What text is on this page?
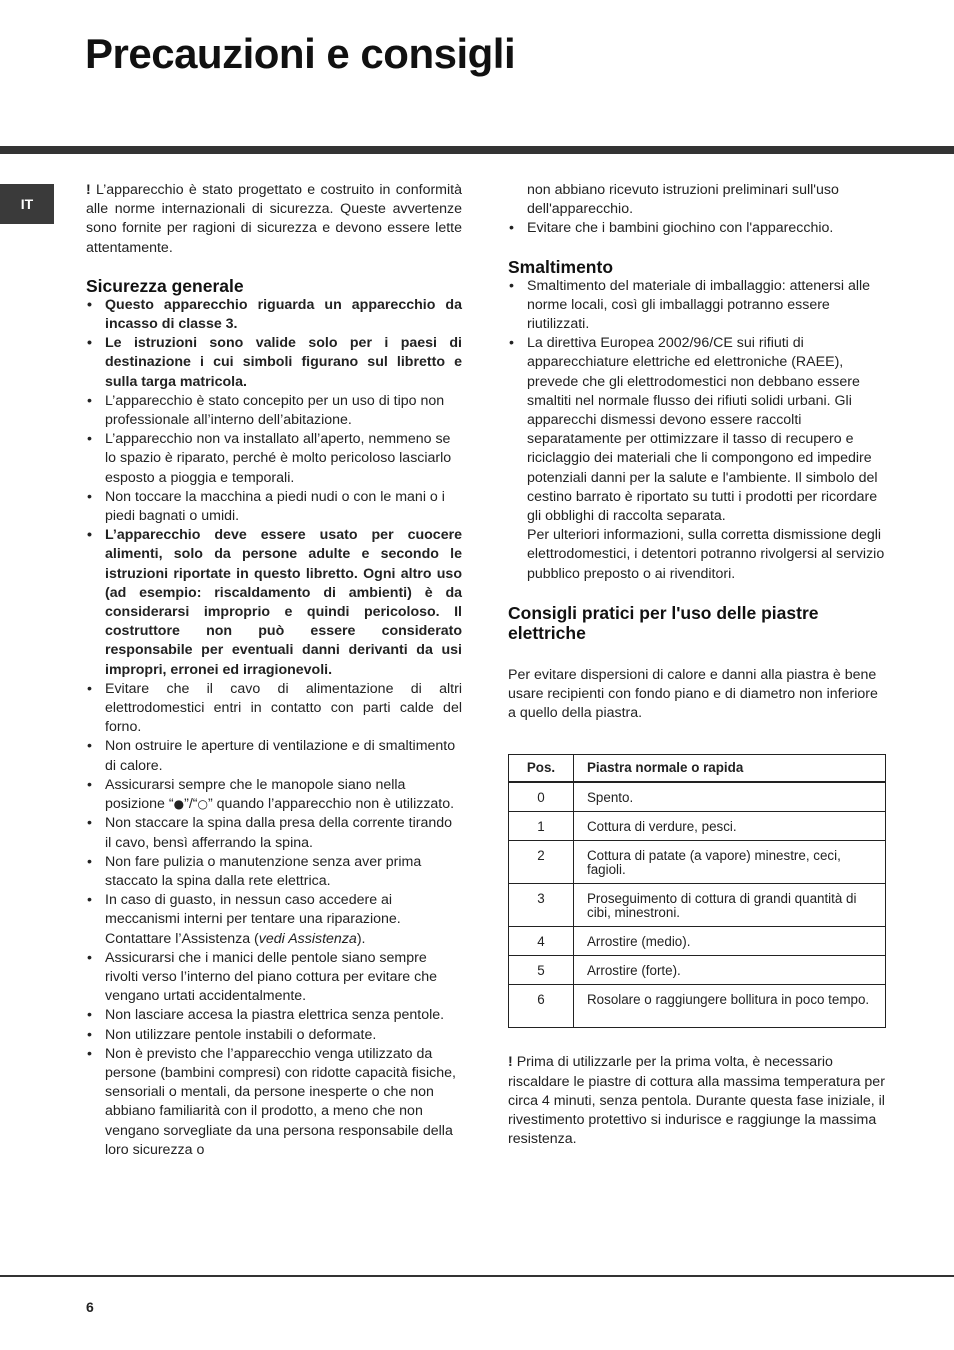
Precauzioni e consigli
IT

! L’apparecchio è stato progettato e costruito in conformità alle norme internazionali di sicurezza. Queste avvertenze sono fornite per ragioni di sicurezza e devono essere lette attentamente.

Sicurezza generale
• Questo apparecchio riguarda un apparecchio da incasso di classe 3.
• Le istruzioni sono valide solo per i paesi di destinazione i cui simboli figurano sul libretto e sulla targa matricola.
• L’apparecchio è stato concepito per un uso di tipo non professionale all’interno dell’abitazione.
• L’apparecchio non va installato all’aperto, nemmeno se lo spazio è riparato, perché è molto pericoloso lasciarlo esposto a pioggia e temporali.
• Non toccare la macchina a piedi nudi o con le mani o i piedi bagnati o umidi.
• L’apparecchio deve essere usato per cuocere alimenti, solo da persone adulte e secondo le istruzioni riportate in questo libretto. Ogni altro uso (ad esempio: riscaldamento di ambienti) è da considerarsi improprio e quindi pericoloso. Il costruttore non può essere considerato responsabile per eventuali danni derivanti da usi impropri, erronei ed irragionevoli.
• Evitare che il cavo di alimentazione di altri elettrodomestici entri in contatto con parti calde del forno.
• Non ostruire le aperture di ventilazione e di smaltimento di calore.
• Assicurarsi sempre che le manopole siano nella posizione “●”/“○” quando l’apparecchio non è utilizzato.
• Non staccare la spina dalla presa della corrente tirando il cavo, bensì afferrando la spina.
• Non fare pulizia o manutenzione senza aver prima staccato la spina dalla rete elettrica.
• In caso di guasto, in nessun caso accedere ai meccanismi interni per tentare una riparazione. Contattare l’Assistenza (vedi Assistenza).
• Assicurarsi che i manici delle pentole siano sempre rivolti verso l’interno del piano cottura per evitare che vengano urtati accidentalmente.
• Non lasciare accesa la piastra elettrica senza pentole.
• Non utilizzare pentole instabili o deformate.
• Non è previsto che l’apparecchio venga utilizzato da persone (bambini compresi) con ridotte capacità fisiche, sensoriali o mentali, da persone inesperte o che non abbiano familiarità con il prodotto, a meno che non vengano sorvegliate da una persona responsabile della loro sicurezza o

non abbiano ricevuto istruzioni preliminari sull'uso dell'apparecchio.

• Evitare che i bambini giochino con l'apparecchio.
Smaltimento
• Smaltimento del materiale di imballaggio: attenersi alle norme locali, così gli imballaggi potranno essere riutilizzati.
• La direttiva Europea 2002/96/CE sui rifiuti di apparecchiature elettriche ed elettroniche (RAEE), prevede che gli elettrodomestici non debbano essere smaltiti nel normale flusso dei rifiuti solidi urbani. Gli apparecchi dismessi devono essere raccolti separatamente per ottimizzare il tasso di recupero e riciclaggio dei materiali che li compongono ed impedire potenziali danni per la salute e l'ambiente. Il simbolo del cestino barrato è riportato su tutti i prodotti per ricordare gli obblighi di raccolta separata.

Per ulteriori informazioni, sulla corretta dismissione degli elettrodomestici, i detentori potranno rivolgersi al servizio pubblico preposto o ai rivenditori.

Consigli pratici per l'uso delle piastre elettriche

Per evitare dispersioni di calore e danni alla piastra è bene usare recipienti con fondo piano e di diametro non inferiore a quello della piastra.

Pos.	Piastra normale o rapida
0	Spento.
1	Cottura di verdure, pesci.
2	Cottura di patate (a vapore) minestre, ceci, fagioli.
3	Proseguimento di cottura di grandi quantità di cibi, minestroni.
4	Arrostire (medio).
5	Arrostire (forte).
6	Rosolare o raggiungere bollitura in poco tempo.

! Prima di utilizzarle per la prima volta, è necessario riscaldare le piastre di cottura alla massima temperatura per circa 4 minuti, senza pentola. Durante questa fase iniziale, il rivestimento protettivo si indurisce e raggiunge la massima resistenza.

6
